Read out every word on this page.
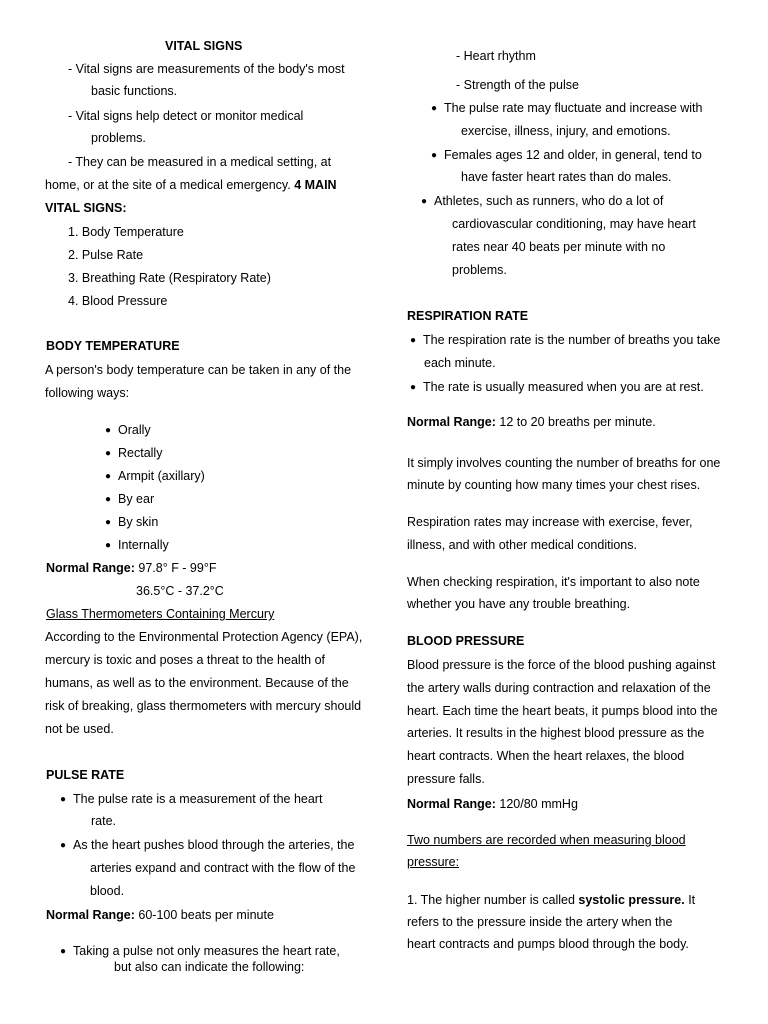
VITAL SIGNS
- Vital signs are measurements of the body's most
basic functions.
- Vital signs help detect or monitor medical
problems.
- They can be measured in a medical setting, at
home, or at the site of a medical emergency. 4 MAIN
VITAL SIGNS:
1. Body Temperature
2. Pulse Rate
3. Breathing Rate (Respiratory Rate)
4. Blood Pressure
BODY TEMPERATURE
A person's body temperature can be taken in any of the
following ways:
● Orally
● Rectally
● Armpit (axillary)
● By ear
● By skin
● Internally
Normal Range: 97.8° F - 99°F
36.5°C - 37.2°C
Glass Thermometers Containing Mercury
According to the Environmental Protection Agency (EPA),
mercury is toxic and poses a threat to the health of
humans, as well as to the environment. Because of the
risk of breaking, glass thermometers with mercury should
not be used.
PULSE RATE
● The pulse rate is a measurement of the heart
rate.
● As the heart pushes blood through the arteries, the
arteries expand and contract with the flow of the
blood.
Normal Range: 60-100 beats per minute
● Taking a pulse not only measures the heart rate,
but also can indicate the following:
- Heart rhythm
- Strength of the pulse
● The pulse rate may fluctuate and increase with
exercise, illness, injury, and emotions.
● Females ages 12 and older, in general, tend to
have faster heart rates than do males.
● Athletes, such as runners, who do a lot of
cardiovascular conditioning, may have heart
rates near 40 beats per minute with no
problems.
RESPIRATION RATE
● The respiration rate is the number of breaths you take
each minute.
● The rate is usually measured when you are at rest.
Normal Range: 12 to 20 breaths per minute.
It simply involves counting the number of breaths for one
minute by counting how many times your chest rises.
Respiration rates may increase with exercise, fever,
illness, and with other medical conditions.
When checking respiration, it's important to also note
whether you have any trouble breathing.
BLOOD PRESSURE
Blood pressure is the force of the blood pushing against
the artery walls during contraction and relaxation of the
heart. Each time the heart beats, it pumps blood into the
arteries. It results in the highest blood pressure as the
heart contracts. When the heart relaxes, the blood
pressure falls.
Normal Range: 120/80 mmHg
Two numbers are recorded when measuring blood
pressure:
1. The higher number is called systolic pressure. It
refers to the pressure inside the artery when the
heart contracts and pumps blood through the body.
